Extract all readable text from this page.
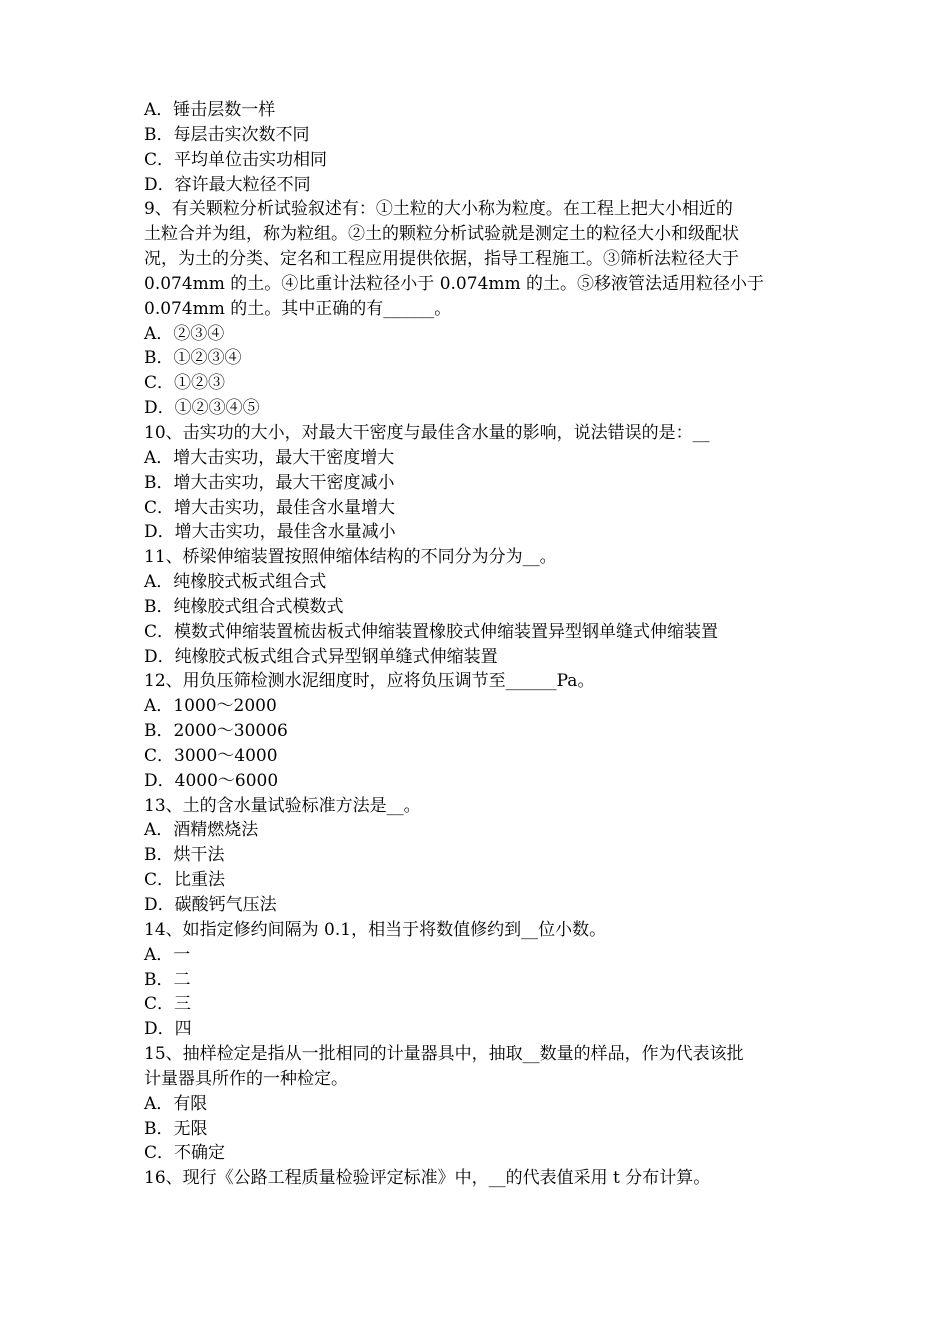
A．锤击层数一样

B．每层击实次数不同

C．平均单位击实功相同

D．容许最大粒径不同

9、有关颗粒分析试验叙述有：①土粒的大小称为粒度。在工程上把大小相近的

土粒合并为组，称为粒组。②土的颗粒分析试验就是测定土的粒径大小和级配状

况，为土的分类、定名和工程应用提供依据，指导工程施工。③筛析法粒径大于

0.074mm 的土。④比重计法粒径小于 0.074mm 的土。⑤移液管法适用粒径小于

0.074mm 的土。其中正确的有______。

A．②③④

B．①②③④

C．①②③

D．①②③④⑤

10、击实功的大小，对最大干密度与最佳含水量的影响，说法错误的是：__

A．增大击实功，最大干密度增大

B．增大击实功，最大干密度减小

C．增大击实功，最佳含水量增大

D．增大击实功，最佳含水量减小

11、桥梁伸缩装置按照伸缩体结构的不同分为分为__。

A．纯橡胶式板式组合式

B．纯橡胶式组合式模数式

C．模数式伸缩装置梳齿板式伸缩装置橡胶式伸缩装置异型钢单缝式伸缩装置

D．纯橡胶式板式组合式异型钢单缝式伸缩装置

12、用负压筛检测水泥细度时，应将负压调节至______Pa。

A．1000～2000

B．2000～30006

C．3000～4000

D．4000～6000

13、土的含水量试验标准方法是__。

A．酒精燃烧法

B．烘干法

C．比重法

D．碳酸钙气压法

14、如指定修约间隔为 0.1，相当于将数值修约到__位小数。

A．一

B．二

C．三

D．四

15、抽样检定是指从一批相同的计量器具中，抽取__数量的样品，作为代表该批

计量器具所作的一种检定。

A．有限

B．无限

C．不确定

16、现行《公路工程质量检验评定标准》中，__的代表值采用 t 分布计算。
